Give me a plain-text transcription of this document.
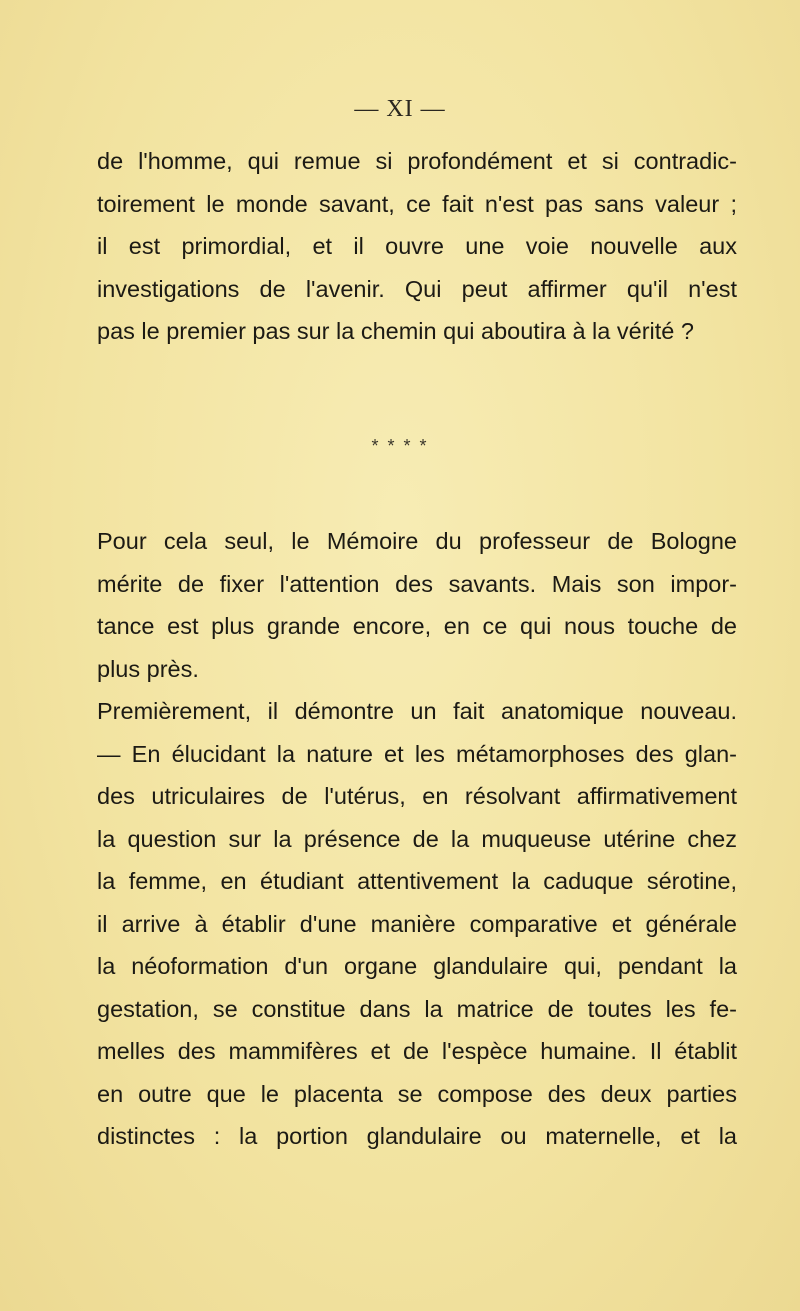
— XI —
de l'homme, qui remue si profondément et si contradic-
toirement le monde savant, ce fait n'est pas sans valeur ;
il est primordial, et il ouvre une voie nouvelle aux
investigations de l'avenir. Qui peut affirmer qu'il n'est
pas le premier pas sur la chemin qui aboutira à la vérité ?
* * * *
Pour cela seul, le Mémoire du professeur de Bologne
mérite de fixer l'attention des savants. Mais son impor-
tance est plus grande encore, en ce qui nous touche de
plus près.
Premièrement, il démontre un fait anatomique nouveau.
— En élucidant la nature et les métamorphoses des glan-
des utriculaires de l'utérus, en résolvant affirmativement
la question sur la présence de la muqueuse utérine chez
la femme, en étudiant attentivement la caduque sérotine,
il arrive à établir d'une manière comparative et générale
la néoformation d'un organe glandulaire qui, pendant la
gestation, se constitue dans la matrice de toutes les fe-
melles des mammifères et de l'espèce humaine. Il établit
en outre que le placenta se compose des deux parties
distinctes : la portion glandulaire ou maternelle, et la
